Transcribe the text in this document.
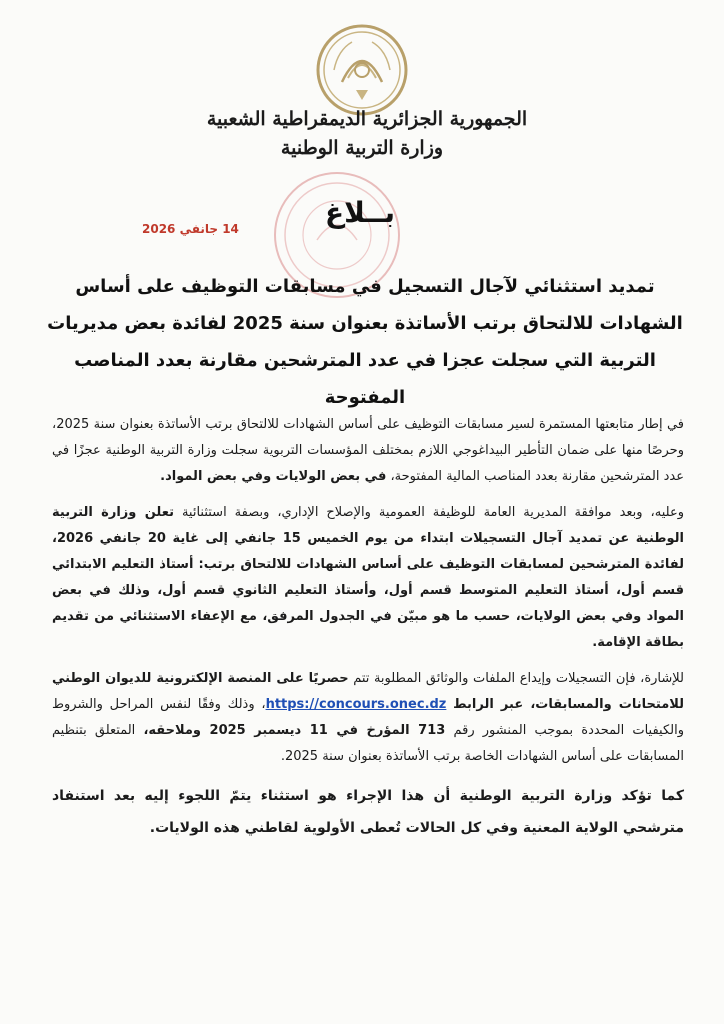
الجمهورية الجزائرية الديمقراطية الشعبية
وزارة التربية الوطنية
بــلاغ
14 جانفي 2026
تمديد استثنائي لآجال التسجيل في مسابقات التوظيف على أساس الشهادات للالتحاق برتب الأساتذة بعنوان سنة 2025 لفائدة بعض مديريات التربية التي سجلت عجزا في عدد المترشحين مقارنة بعدد المناصب المفتوحة

في إطار متابعتها المستمرة لسير مسابقات التوظيف على أساس الشهادات للالتحاق برتب الأساتذة بعنوان سنة 2025، وحرصًا منها على ضمان التأطير البيداغوجي اللازم بمختلف المؤسسات التربوية سجلت وزارة التربية الوطنية عجزًا في عدد المترشحين مقارنة بعدد المناصب المالية المفتوحة، في بعض الولايات وفي بعض المواد.

وعليه، وبعد موافقة المديرية العامة للوظيفة العمومية والإصلاح الإداري، وبصفة استثنائية تعلن وزارة التربية الوطنية عن تمديد آجال التسجيلات ابتداء من يوم الخميس 15 جانفي إلى غاية 20 جانفي 2026، لفائدة المترشحين لمسابقات التوظيف على أساس الشهادات للالتحاق برتب: أستاذ التعليم الابتدائي قسم أول، أستاذ التعليم المتوسط قسم أول، وأستاذ التعليم الثانوي قسم أول، وذلك في بعض المواد وفي بعض الولايات، حسب ما هو مبيّن في الجدول المرفق، مع الإعفاء الاستثنائي من تقديم بطاقة الإقامة.

للإشارة، فإن التسجيلات وإيداع الملفات والوثائق المطلوبة تتم حصريًا على المنصة الإلكترونية للديوان الوطني للامتحانات والمسابقات، عبر الرابط https://concours.onec.dz، وذلك وفقًا لنفس المراحل والشروط والكيفيات المحددة بموجب المنشور رقم 713 المؤرخ في 11 ديسمبر 2025 وملاحقه، المتعلق بتنظيم المسابقات على أساس الشهادات الخاصة برتب الأساتذة بعنوان سنة 2025.

كما تؤكد وزارة التربية الوطنية أن هذا الإجراء هو استثناء يتمّ اللجوء إليه بعد استنفاد مترشحي الولاية المعنية وفي كل الحالات تُعطى الأولوية لقاطني هذه الولايات.
